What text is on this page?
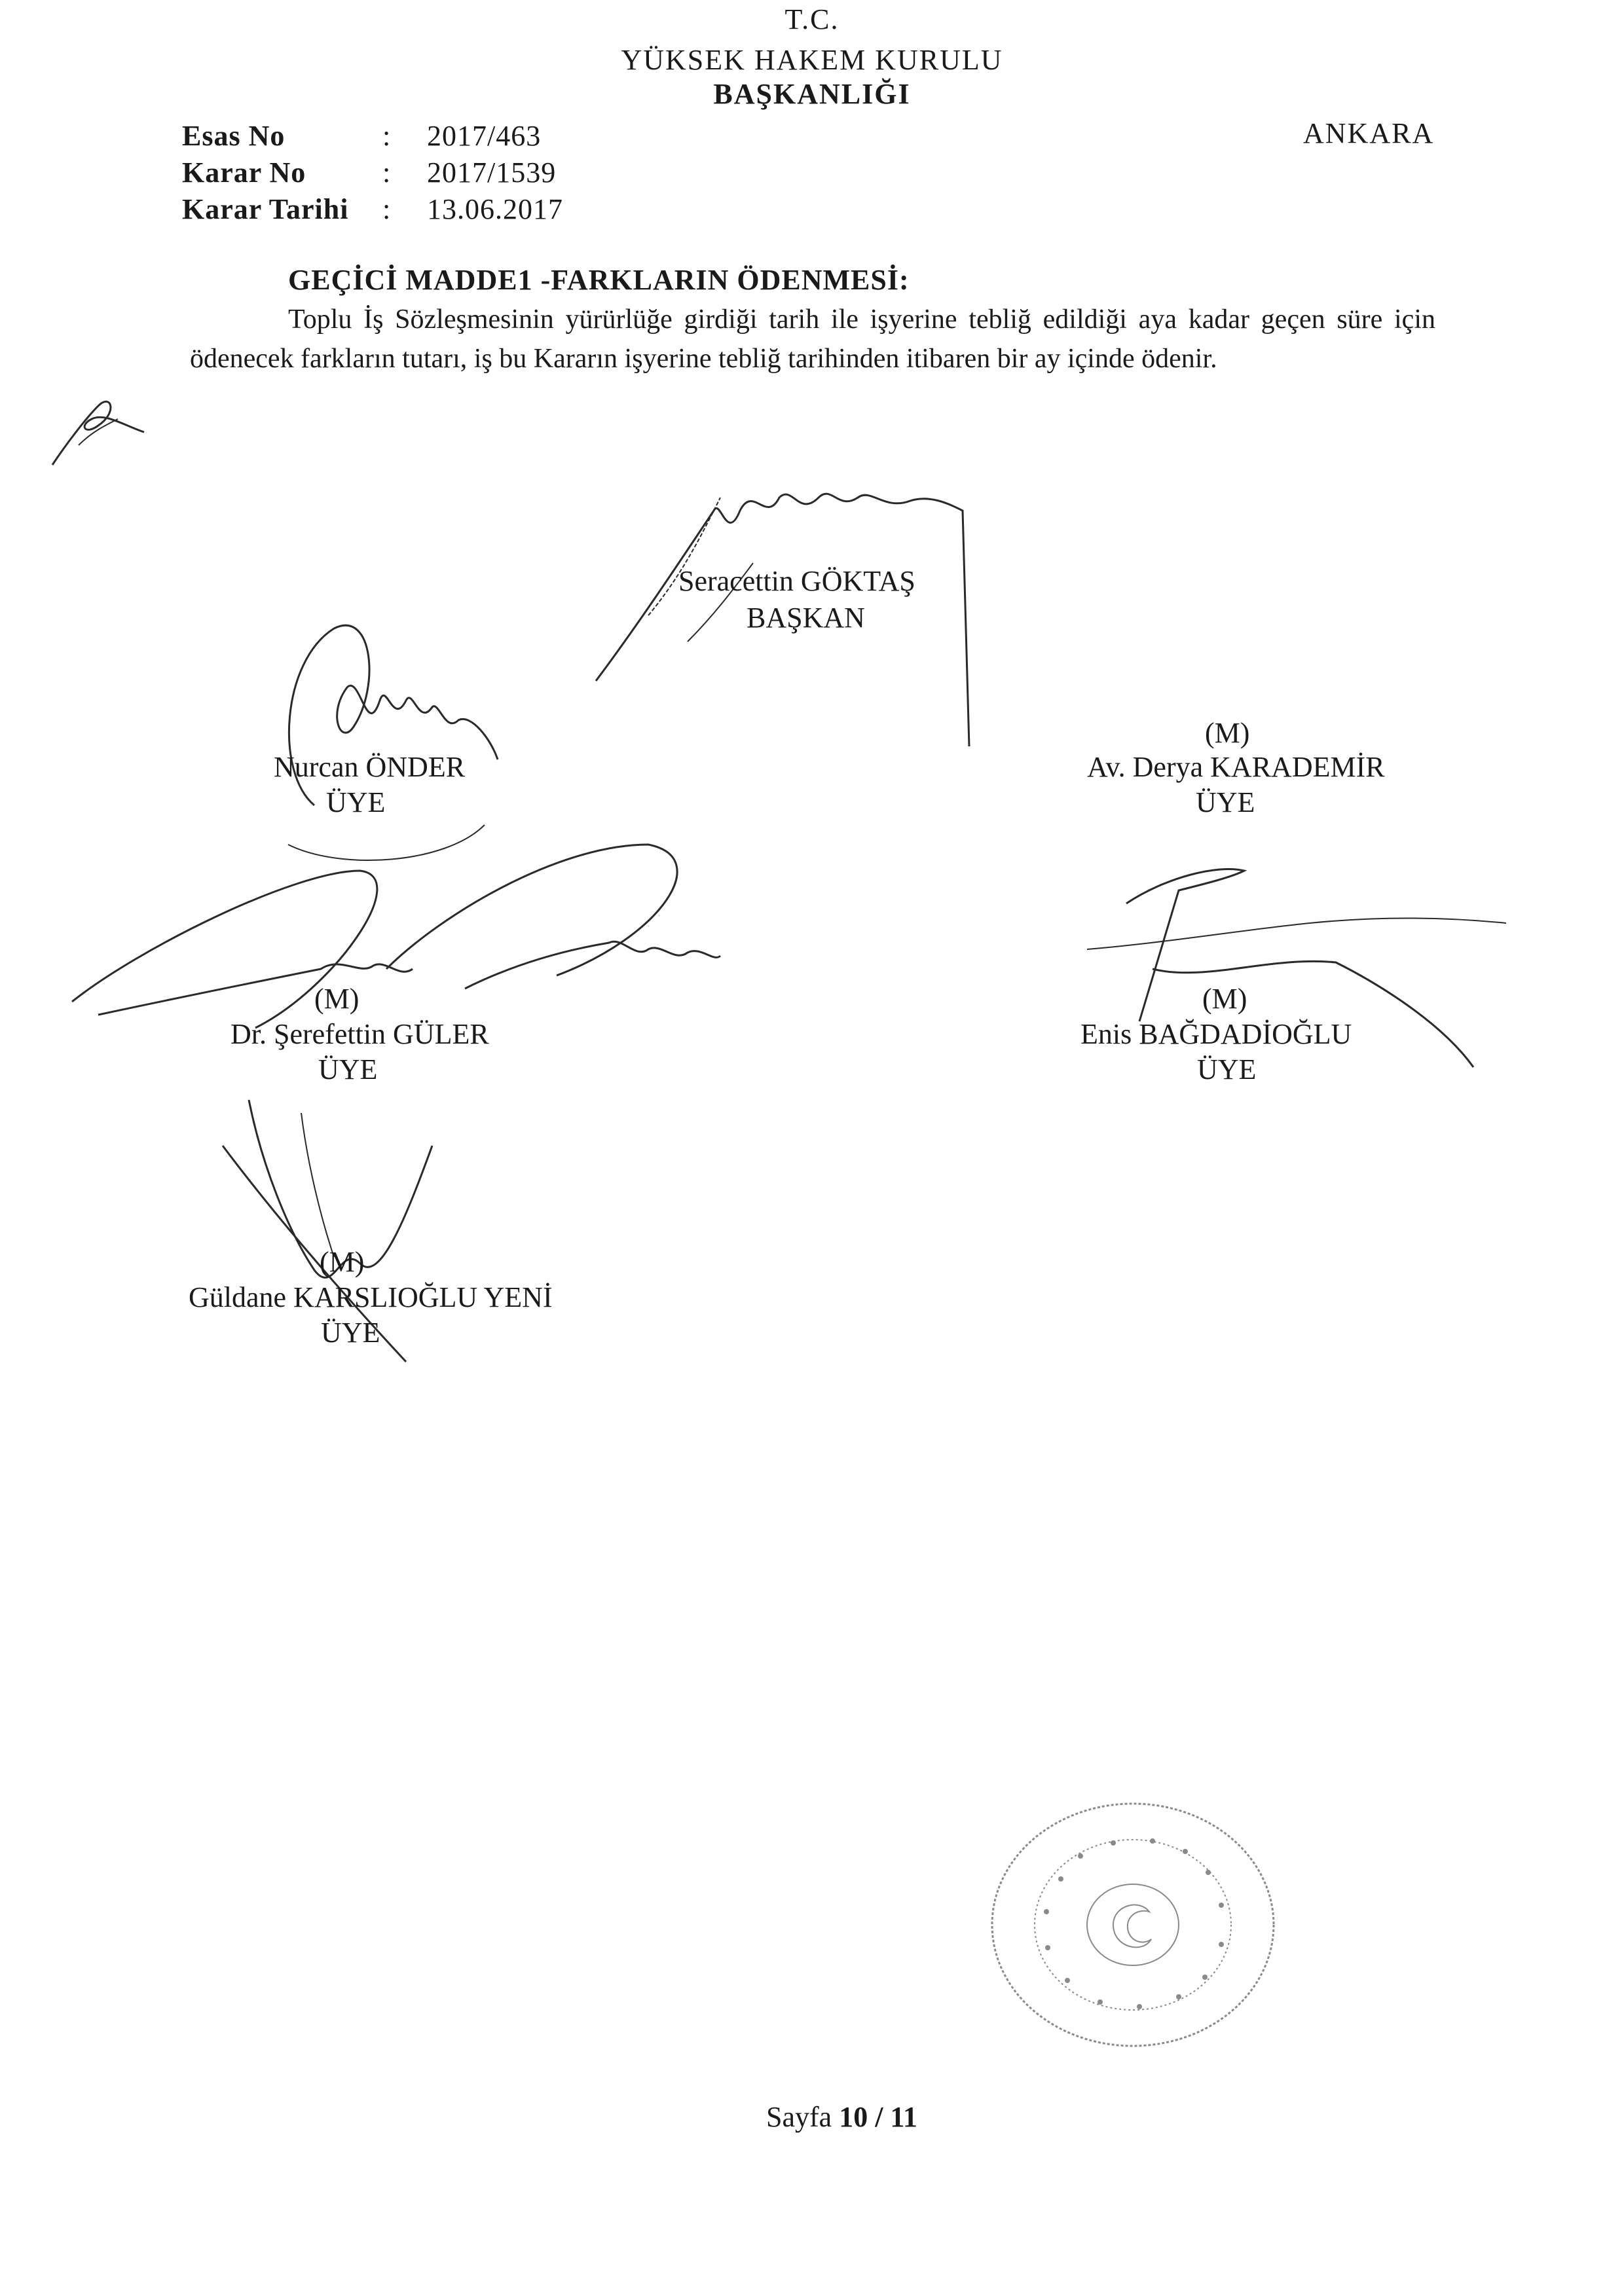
T.C.
YÜKSEK HAKEM KURULU
BAŞKANLIĞI
ANKARA
Esas No	: 2017/463
Karar No	: 2017/1539
Karar Tarihi : 13.06.2017
GEÇİCİ MADDE1 -FARKLARIN ÖDENMESİ:
Toplu İş Sözleşmesinin yürürlüğe girdiği tarih ile işyerine tebliğ edildiği aya kadar geçen süre için ödenecek farkların tutarı, iş bu Kararın işyerine tebliğ tarihinden itibaren bir ay içinde ödenir.
Seracettin GÖKTAŞ
BAŞKAN
Nurcan ÖNDER
ÜYE
(M)
Av. Derya KARADEMİR
ÜYE
(M)
Dr. Şerefettin GÜLER
ÜYE
(M)
Enis BAĞDADİOĞLU
ÜYE
(M)
Güldane KARSLIOĞLU YENİ
ÜYE
Sayfa 10 / 11
